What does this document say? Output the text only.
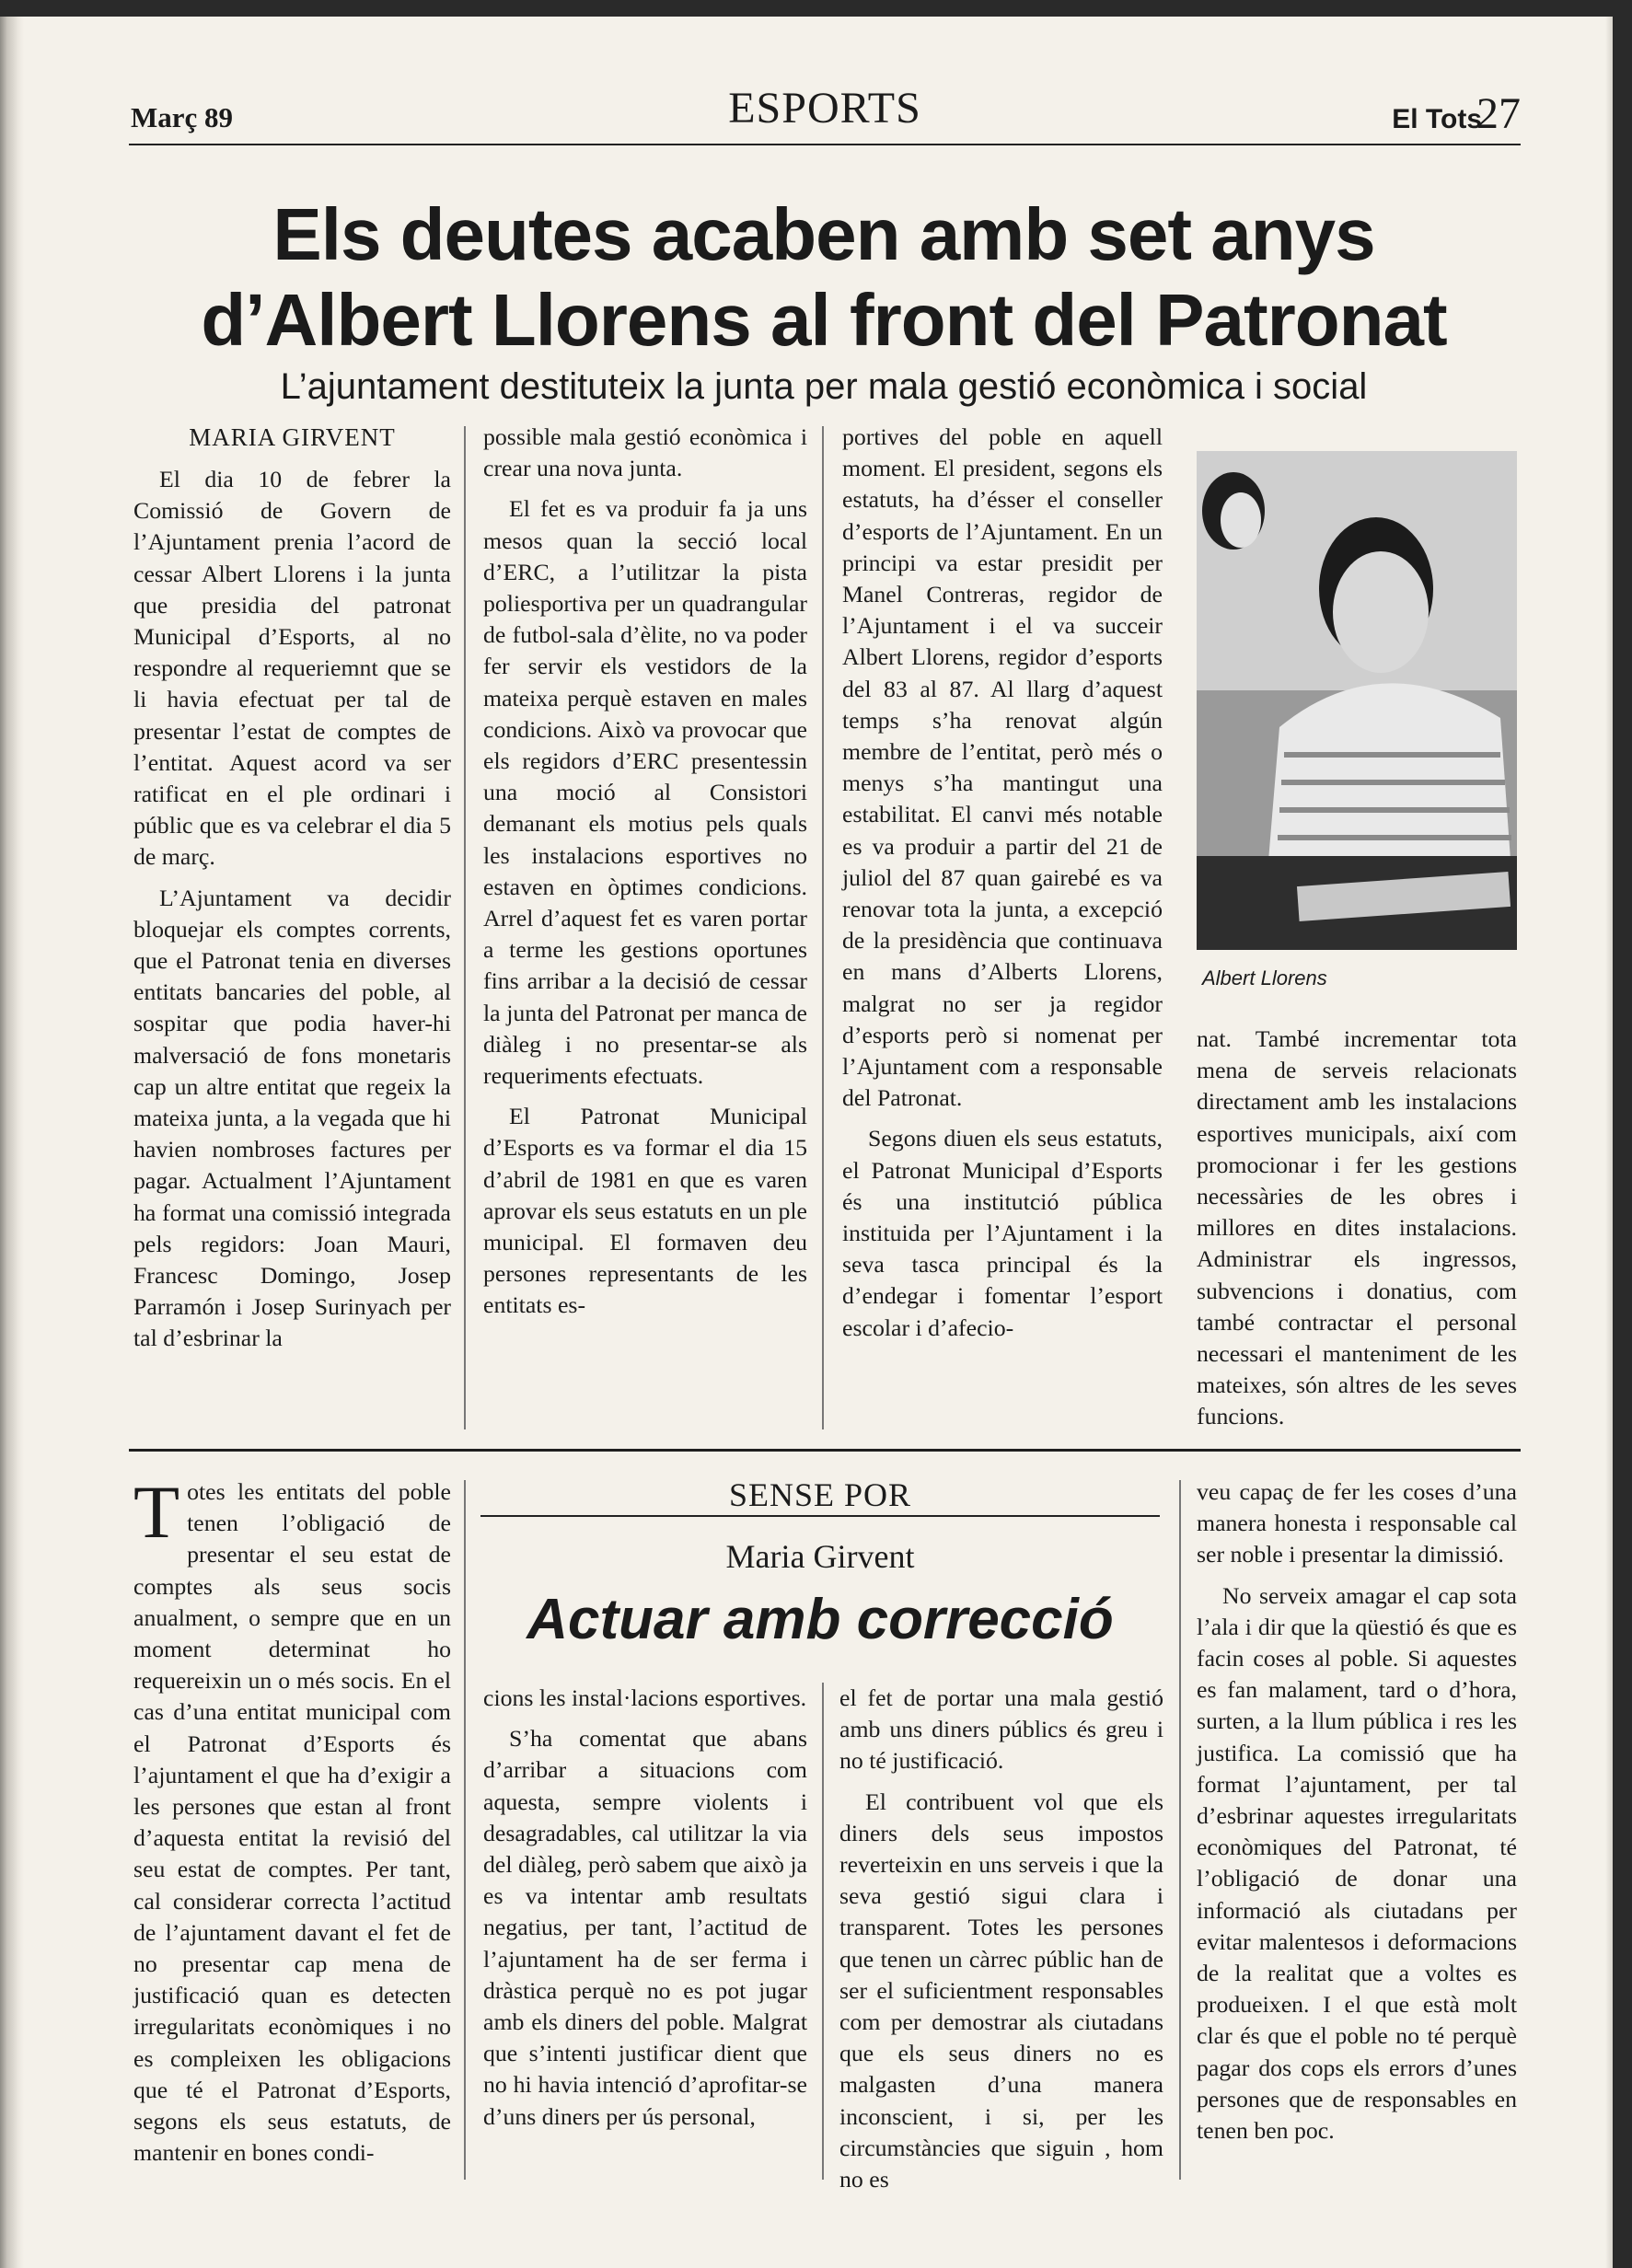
Març 89	ESPORTS	El Tots
27
Els deutes acaben amb set anys
d’Albert Llorens al front del Patronat
L’ajuntament destituteix la junta per mala gestió econòmica i social
MARIA GIRVENT

El dia 10 de febrer la Comissió de Govern de l’Ajuntament prenia l’acord de cessar Albert Llorens i la junta que presidia del patronat Municipal d’Esports, al no respondre al requeriemnt que se li havia efectuat per tal de presentar l’estat de comptes de l’entitat. Aquest acord va ser ratificat en el ple ordinari i públic que es va celebrar el dia 5 de març.

L’Ajuntament va decidir bloquejar els comptes corrents, que el Patronat tenia en diverses entitats bancaries del poble, al sospitar que podia haver-hi malversació de fons monetaris cap un altre entitat que regeix la mateixa junta, a la vegada que hi havien nombroses factures per pagar. Actualment l’Ajuntament ha format una comissió integrada pels regidors: Joan Mauri, Francesc Domingo, Josep Parramón i Josep Surinyach per tal d’esbrinar la

possible mala gestió econòmica i crear una nova junta.

El fet es va produir fa ja uns mesos quan la secció local d’ERC, a l’utilitzar la pista poliesportiva per un quadrangular de futbol-sala d’èlite, no va poder fer servir els vestidors de la mateixa perquè estaven en males condicions. Això va provocar que els regidors d’ERC presentessin una moció al Consistori demanant els motius pels quals les instalacions esportives no estaven en òptimes condicions. Arrel d’aquest fet es varen portar a terme les gestions oportunes fins arribar a la decisió de cessar la junta del Patronat per manca de diàleg i no presentar-se als requeriments efectuats.

El Patronat Municipal d’Esports es va formar el dia 15 d’abril de 1981 en que es varen aprovar els seus estatuts en un ple municipal. El formaven deu persones representants de les entitats es-

portives del poble en aquell moment. El president, segons els estatuts, ha d’ésser el conseller d’esports de l’Ajuntament. En un principi va estar presidit per Manel Contreras, regidor de l’Ajuntament i el va succeir Albert Llorens, regidor d’esports del 83 al 87. Al llarg d’aquest temps s’ha renovat algún membre de l’entitat, però més o menys s’ha mantingut una estabilitat. El canvi més notable es va produir a partir del 21 de juliol del 87 quan gairebé es va renovar tota la junta, a excepció de la presidència que continuava en mans d’Alberts Llorens, malgrat no ser ja regidor d’esports però si nomenat per l’Ajuntament com a responsable del Patronat.

Segons diuen els seus estatuts, el Patronat Municipal d’Esports és una institutció pública instituida per l’Ajuntament i la seva tasca principal és la d’endegar i fomentar l’esport escolar i d’afecio-

Albert Llorens

nat. També incrementar tota mena de serveis relacionats directament amb les instalacions esportives municipals, així com promocionar i fer les gestions necessàries de les obres i millores en dites instalacions. Administrar els ingressos, subvencions i donatius, com també contractar el personal necessari el manteniment de les mateixes, són altres de les seves funcions.

Totes les entitats del poble tenen l’obligació de presentar el seu estat de comptes als seus socis anualment, o sempre que en un moment determinat ho requereixin un o més socis. En el cas d’una entitat municipal com el Patronat d’Esports és l’ajuntament el que ha d’exigir a les persones que estan al front d’aquesta entitat la revisió del seu estat de comptes. Per tant, cal considerar correcta l’actitud de l’ajuntament davant el fet de no presentar cap mena de justificació quan es detecten irregularitats econòmiques i no es compleixen les obligacions que té el Patronat d’Esports, segons els seus estatuts, de mantenir en bones condi-

SENSE POR
Maria Girvent
Actuar amb correcció

cions les instal·lacions esportives.

S’ha comentat que abans d’arribar a situacions com aquesta, sempre violents i desagradables, cal utilitzar la via del diàleg, però sabem que això ja es va intentar amb resultats negatius, per tant, l’actitud de l’ajuntament ha de ser ferma i dràstica perquè no es pot jugar amb els diners del poble. Malgrat que s’intenti justificar dient que no hi havia intenció d’aprofitar-se d’uns diners per ús personal,

el fet de portar una mala gestió amb uns diners públics és greu i no té justificació.

El contribuent vol que els diners dels seus impostos reverteixin en uns serveis i que la seva gestió sigui clara i transparent. Totes les persones que tenen un càrrec públic han de ser el suficientment responsables com per demostrar als ciutadans que els seus diners no es malgasten d’una manera inconscient, i si, per les circumstàncies que siguin , hom no es

veu capaç de fer les coses d’una manera honesta i responsable cal ser noble i presentar la dimissió.

No serveix amagar el cap sota l’ala i dir que la qüestió és que es facin coses al poble. Si aquestes es fan malament, tard o d’hora, surten, a la llum pública i res les justifica. La comissió que ha format l’ajuntament, per tal d’esbrinar aquestes irregularitats econòmiques del Patronat, té l’obligació de donar una informació als ciutadans per evitar malentesos i deformacions de la realitat que a voltes es produeixen. I el que està molt clar és que el poble no té perquè pagar dos cops els errors d’unes persones que de responsables en tenen ben poc.
